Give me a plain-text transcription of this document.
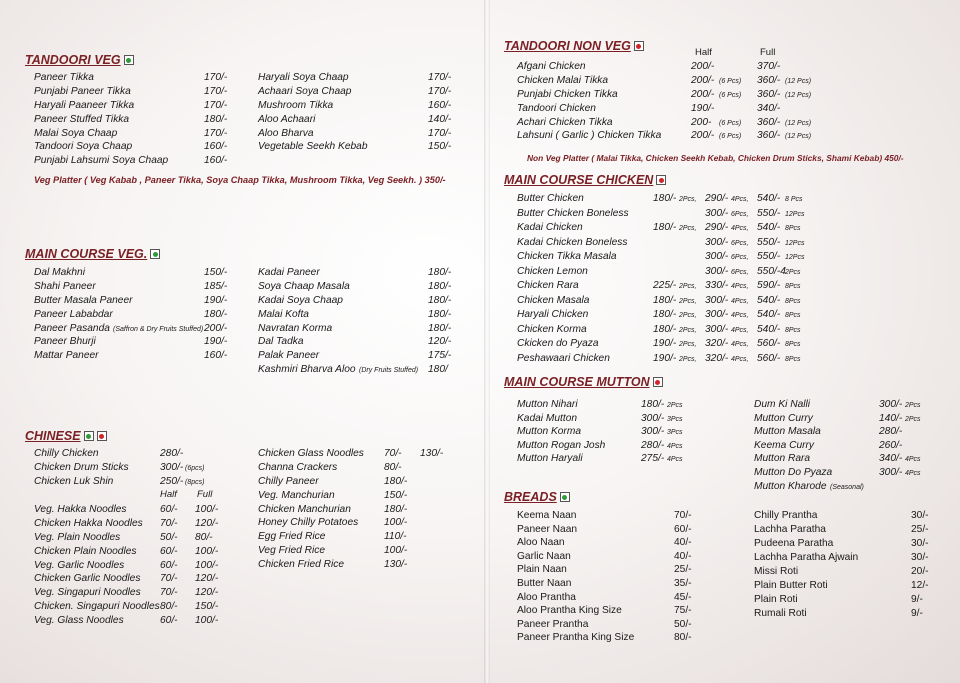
TANDOORI VEG
Paneer Tikka	170/-
Punjabi Paneer Tikka	170/-
Haryali Paaneer Tikka	170/-
Paneer Stuffed Tikka	180/-
Malai Soya Chaap	170/-
Tandoori Soya Chaap	160/-
Punjabi Lahsumi Soya Chaap	160/-
Haryali Soya Chaap	170/-
Achaari Soya Chaap	170/-
Mushroom Tikka	160/-
Aloo Achaari	140/-
Aloo Bharva	170/-
Vegetable Seekh Kebab	150/-
Veg Platter ( Veg Kabab , Paneer Tikka, Soya Chaap Tikka, Mushroom Tikka, Veg Seekh. ) 350/-
MAIN COURSE VEG.
Dal Makhni	150/-
Shahi Paneer	185/-
Butter Masala Paneer	190/-
Paneer Lababdar	180/-
Paneer Pasanda (Saffron & Dry Fruits Stuffed) 200/-
Paneer Bhurji	190/-
Mattar Paneer	160/-
Kadai Paneer	180/-
Soya Chaap Masala	180/-
Kadai Soya Chaap	180/-
Malai Kofta	180/-
Navratan Korma	180/-
Dal Tadka	120/-
Palak Paneer	175/-
Kashmiri Bharva Aloo (Dry Fruits Stuffed) 180/
CHINESE
Chilly Chicken	280/-
Chicken Drum Sticks	300/- (6pcs)
Chicken Luk Shin	250/- (8pcs)
Half Full
Veg. Hakka Noodles	60/- 100/-
Chicken Hakka Noodles 70/- 120/-
Veg. Plain Noodles	50/- 80/-
Chicken Plain Noodles 60/- 100/-
Veg. Garlic Noodles	60/- 100/-
Chicken Garlic Noodles 70/- 120/-
Veg. Singapuri Noodles 70/- 120/-
Chicken. Singapuri Noodles 80/- 150/-
Veg. Glass Noodles	60/- 100/-
Chicken Glass Noodles 70/- 130/-
Channa Crackers	80/-
Chilly Paneer	180/-
Veg. Manchurian	150/-
Chicken Manchurian	180/-
Honey Chilly Potatoes	100/-
Egg Fried Rice	110/-
Veg Fried Rice	100/-
Chicken Fried Rice	130/-
TANDOORI NON VEG	Half	Full
Afgani Chicken	200/-	370/-
Chicken Malai Tikka	200/- (6 Pcs) 360/- (12 Pcs)
Punjabi Chicken Tikka	200/- (6 Pcs) 360/- (12 Pcs)
Tandoori Chicken	190/-	340/-
Achari Chicken Tikka	200- (6 Pcs) 360/- (12 Pcs)
Lahsuni ( Garlic ) Chicken Tikka	200/- (6 Pcs) 360/- (12 Pcs)
Non Veg Platter ( Malai Tikka, Chicken Seekh Kebab, Chicken Drum Sticks, Shami Kebab) 450/-
MAIN COURSE CHICKEN
Butter Chicken	180/- 2Pcs, 290/- 4Pcs, 540/- 8 Pcs
Butter Chicken Boneless	300/- 6Pcs, 550/- 12Pcs
Kadai Chicken	180/- 2Pcs, 290/- 4Pcs, 540/- 8Pcs
Kadai Chicken Boneless	300/- 6Pcs, 550/- 12Pcs
Chicken Tikka Masala	300/- 6Pcs, 550/- 12Pcs
Chicken Lemon	300/- 6Pcs, 550/-4 2Pcs
Chicken Rara	225/- 2Pcs, 330/- 4Pcs, 590/- 8Pcs
Chicken Masala	180/- 2Pcs, 300/- 4Pcs, 540/- 8Pcs
Haryali Chicken	180/- 2Pcs, 300/- 4Pcs, 540/- 8Pcs
Chicken Korma	180/- 2Pcs, 300/- 4Pcs, 540/- 8Pcs
Ckicken do Pyaza	190/- 2Pcs, 320/- 4Pcs, 560/- 8Pcs
Peshawaari Chicken	190/- 2Pcs, 320/- 4Pcs, 560/- 8Pcs
MAIN COURSE MUTTON
Mutton Nihari	180/- 2Pcs
Kadai Mutton	300/- 3Pcs
Mutton Korma	300/- 3Pcs
Mutton Rogan Josh	280/- 4Pcs
Mutton Haryali	275/- 4Pcs
Dum Ki Nalli	300/- 2Pcs
Mutton Curry	140/- 2Pcs
Mutton Masala	280/-
Keema Curry	260/-
Mutton Rara	340/- 4Pcs
Mutton Do Pyaza	300/- 4Pcs
Mutton Kharode (Seasonal)
BREADS
Keema Naan	70/-
Paneer Naan	60/-
Aloo Naan	40/-
Garlic Naan	40/-
Plain Naan	25/-
Butter Naan	35/-
Aloo Prantha	45/-
Aloo Prantha King Size	75/-
Paneer Prantha	50/-
Paneer Prantha King Size	80/-
Chilly Prantha	30/-
Lachha Paratha	25/-
Pudeena Paratha	30/-
Lachha Paratha Ajwain	30/-
Missi Roti	20/-
Plain Butter Roti	12/-
Plain Roti	9/-
Rumali Roti	9/-
